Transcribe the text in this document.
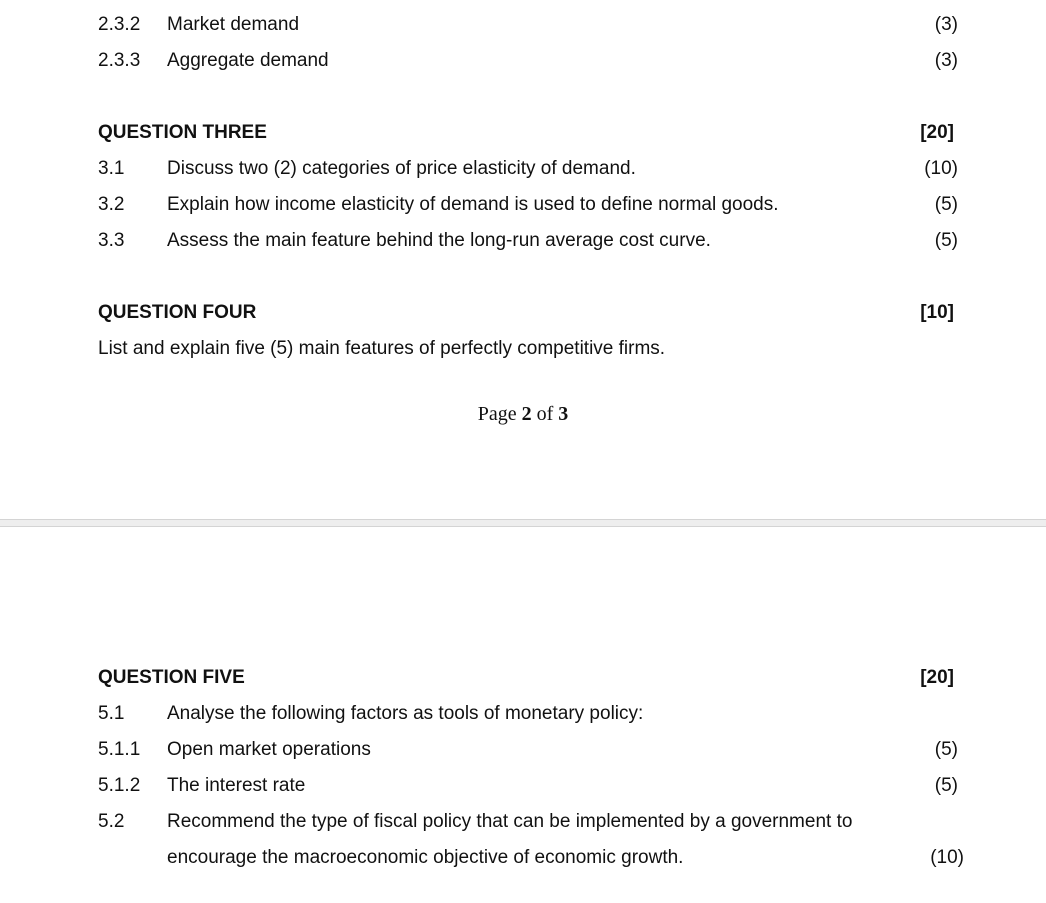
2.3.2 Market demand	(3)
2.3.3 Aggregate demand	(3)
QUESTION THREE	[20]
3.1 Discuss two (2) categories of price elasticity of demand.	(10)
3.2 Explain how income elasticity of demand is used to define normal goods.	(5)
3.3 Assess the main feature behind the long-run average cost curve.	(5)
QUESTION FOUR	[10]
List and explain five (5) main features of perfectly competitive firms.
Page 2 of 3
QUESTION FIVE	[20]
5.1 Analyse the following factors as tools of monetary policy:
5.1.1 Open market operations	(5)
5.1.2 The interest rate	(5)
5.2 Recommend the type of fiscal policy that can be implemented by a government to
encourage the macroeconomic objective of economic growth.	(10)
